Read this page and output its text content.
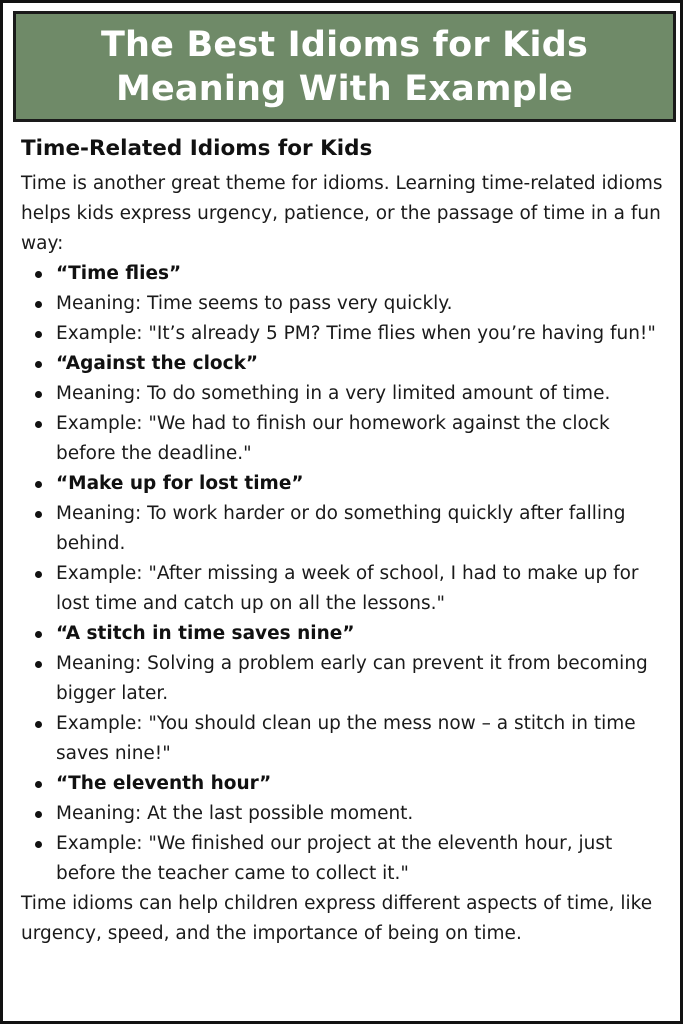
The Best Idioms for Kids
Meaning With Example
Time-Related Idioms for Kids

Time is another great theme for idioms. Learning time-related idioms helps kids express urgency, patience, or the passage of time in a fun way:

“Time flies”
Meaning: Time seems to pass very quickly.
Example: "It’s already 5 PM? Time flies when you’re having fun!"
“Against the clock”
Meaning: To do something in a very limited amount of time.
Example: "We had to finish our homework against the clock before the deadline."
“Make up for lost time”
Meaning: To work harder or do something quickly after falling behind.
Example: "After missing a week of school, I had to make up for lost time and catch up on all the lessons."
“A stitch in time saves nine”
Meaning: Solving a problem early can prevent it from becoming bigger later.
Example: "You should clean up the mess now – a stitch in time saves nine!"
“The eleventh hour”
Meaning: At the last possible moment.
Example: "We finished our project at the eleventh hour, just before the teacher came to collect it."

Time idioms can help children express different aspects of time, like urgency, speed, and the importance of being on time.
